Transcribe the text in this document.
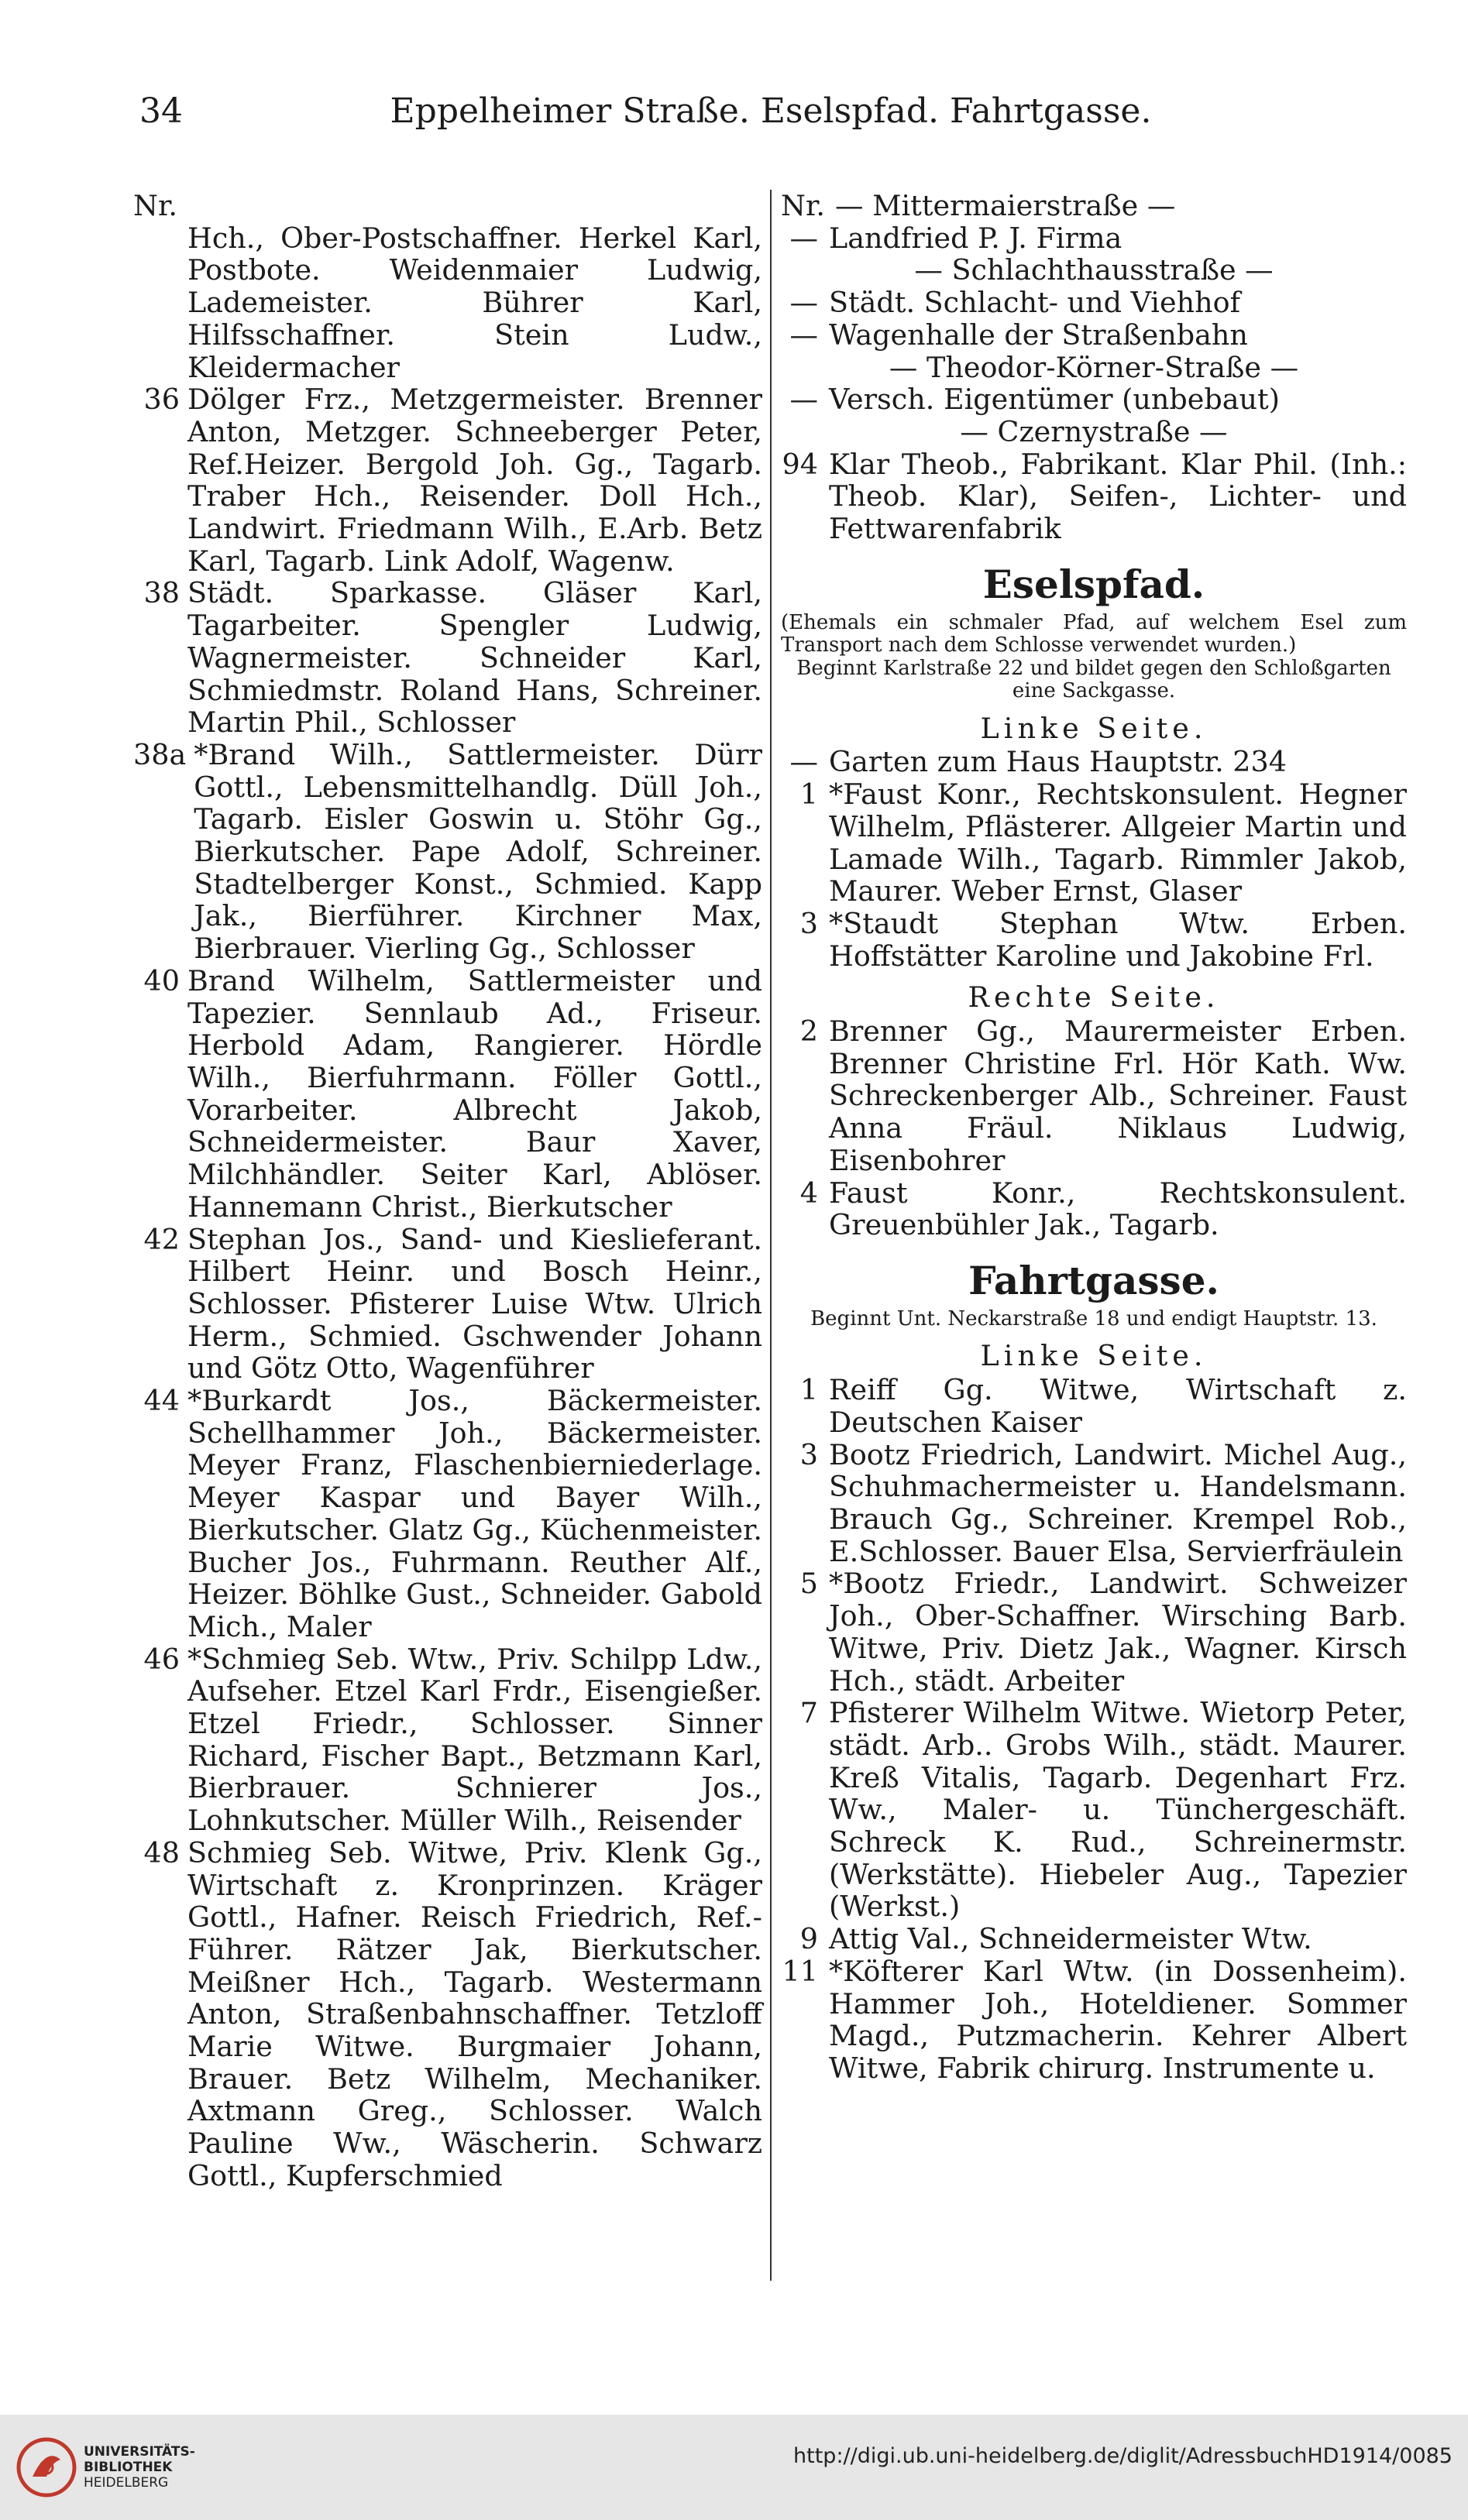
34	Eppelheimer Straße. Eselspfad. Fahrtgasse.
Nr.
Hch., Ober-Postschaffner. Herkel Karl, Postbote. Weidenmaier Ludwig, Lademeister. Bührer Karl, Hilfsschaffner. Stein Ludw., Kleidermacher
36 Dölger Frz., Metzgermeister. Brenner Anton, Metzger. Schneeberger Peter, Ref.Heizer. Bergold Joh. Gg., Tagarb. Traber Hch., Reisender. Doll Hch., Landwirt. Friedmann Wilh., E.Arb. Betz Karl, Tagarb. Link Adolf, Wagenw.
38 Städt. Sparkasse. Gläser Karl, Tagarbeiter. Spengler Ludwig, Wagnermeister. Schneider Karl, Schmiedmstr. Roland Hans, Schreiner. Martin Phil., Schlosser
38a *Brand Wilh., Sattlermeister. Dürr Gottl., Lebensmittelhandlg. Düll Joh., Tagarb. Eisler Goswin u. Stöhr Gg., Bierkutscher. Pape Adolf, Schreiner. Stadtelberger Konst., Schmied. Kapp Jak., Bierführer. Kirchner Max, Bierbrauer. Vierling Gg., Schlosser
40 Brand Wilhelm, Sattlermeister und Tapezier. Sennlaub Ad., Friseur. Herbold Adam, Rangierer. Hördle Wilh., Bierfuhrmann. Föller Gottl., Vorarbeiter. Albrecht Jakob, Schneidermeister. Baur Xaver, Milchhändler. Seiter Karl, Ablöser. Hannemann Christ., Bierkutscher
42 Stephan Jos., Sand- und Kieslieferant. Hilbert Heinr. und Bosch Heinr., Schlosser. Pfisterer Luise Wtw. Ulrich Herm., Schmied. Gschwender Johann und Götz Otto, Wagenführer
44 *Burkardt Jos., Bäckermeister. Schellhammer Joh., Bäckermeister. Meyer Franz, Flaschenbierniederlage. Meyer Kaspar und Bayer Wilh., Bierkutscher. Glatz Gg., Küchenmeister. Bucher Jos., Fuhrmann. Reuther Alf., Heizer. Böhlke Gust., Schneider. Gabold Mich., Maler
46 *Schmieg Seb. Wtw., Priv. Schilpp Ldw., Aufseher. Etzel Karl Frdr., Eisengießer. Etzel Friedr., Schlosser. Sinner Richard, Fischer Bapt., Betzmann Karl, Bierbrauer. Schnierer Jos., Lohnkutscher. Müller Wilh., Reisender
48 Schmieg Seb. Witwe, Priv. Klenk Gg., Wirtschaft z. Kronprinzen. Kräger Gottl., Hafner. Reisch Friedrich, Ref.-Führer. Rätzer Jak, Bierkutscher. Meißner Hch., Tagarb. Westermann Anton, Straßenbahnschaffner. Tetzloff Marie Witwe. Burgmaier Johann, Brauer. Betz Wilhelm, Mechaniker. Axtmann Greg., Schlosser. Walch Pauline Ww., Wäscherin. Schwarz Gottl., Kupferschmied
Nr. — Mittermaierstraße —
— Landfried P. J. Firma
— Schlachthausstraße —
— Städt. Schlacht- und Viehhof
— Wagenhalle der Straßenbahn
— Theodor-Körner-Straße —
— Versch. Eigentümer (unbebaut)
— Czernystraße —
94 Klar Theob., Fabrikant. Klar Phil. (Inh.: Theob. Klar), Seifen-, Lichter- und Fettwarenfabrik
Eselspfad.
(Ehemals ein schmaler Pfad, auf welchem Esel zum Transport nach dem Schlosse verwendet wurden.)
Beginnt Karlstraße 22 und bildet gegen den Schloßgarten eine Sackgasse.
Linke Seite.
— Garten zum Haus Hauptstr. 234
1 *Faust Konr., Rechtskonsulent. Hegner Wilhelm, Pflästerer. Allgeier Martin und Lamade Wilh., Tagarb. Rimmler Jakob, Maurer. Weber Ernst, Glaser
3 *Staudt Stephan Wtw. Erben. Hoffstätter Karoline und Jakobine Frl.
Rechte Seite.
2 Brenner Gg., Maurermeister Erben. Brenner Christine Frl. Hör Kath. Ww. Schreckenberger Alb., Schreiner. Faust Anna Fräul. Niklaus Ludwig, Eisenbohrer
4 Faust Konr., Rechtskonsulent. Greuenbühler Jak., Tagarb.
Fahrtgasse.
Beginnt Unt. Neckarstraße 18 und endigt Hauptstr. 13.
Linke Seite.
1 Reiff Gg. Witwe, Wirtschaft z. Deutschen Kaiser
3 Bootz Friedrich, Landwirt. Michel Aug., Schuhmachermeister u. Handelsmann. Brauch Gg., Schreiner. Krempel Rob., E.Schlosser. Bauer Elsa, Servierfräulein
5 *Bootz Friedr., Landwirt. Schweizer Joh., Ober-Schaffner. Wirsching Barb. Witwe, Priv. Dietz Jak., Wagner. Kirsch Hch., städt. Arbeiter
7 Pfisterer Wilhelm Witwe. Wietorp Peter, städt. Arb.. Grobs Wilh., städt. Maurer. Kreß Vitalis, Tagarb. Degenhart Frz. Ww., Maler- u. Tünchergeschäft. Schreck K. Rud., Schreinermstr. (Werkstätte). Hiebeler Aug., Tapezier (Werkst.)
9 Attig Val., Schneidermeister Wtw.
11 *Köfterer Karl Wtw. (in Dossenheim). Hammer Joh., Hoteldiener. Sommer Magd., Putzmacherin. Kehrer Albert Witwe, Fabrik chirurg. Instrumente u.
UNIVERSITÄTS-
BIBLIOTHEK
HEIDELBERG
http://digi.ub.uni-heidelberg.de/diglit/AdressbuchHD1914/0085
